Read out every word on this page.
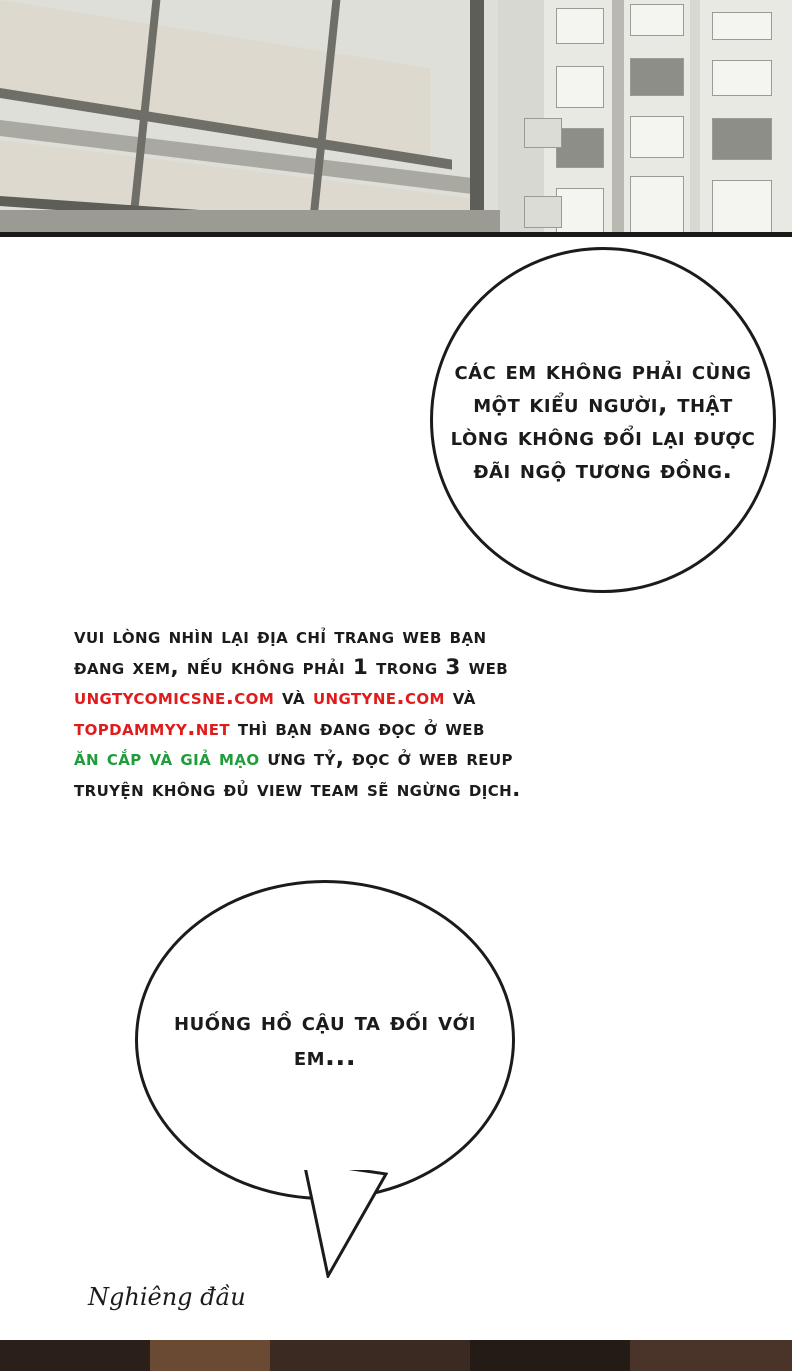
các em không phải cùng một kiểu người, thật lòng không đổi lại được đãi ngộ tương đồng.
vui lòng nhìn lại địa chỉ trang web bạn
đang xem, nếu không phải 1 trong 3 web
ungtycomicsne.com và ungtyne.com và
topdammyy.net thì bạn đang đọc ở web
ăn cắp và giả mạo ưng tỷ, đọc ở web reup
truyện không đủ view team sẽ ngừng dịch.
huống hồ cậu ta đối với em...
Nghiêng đầu
